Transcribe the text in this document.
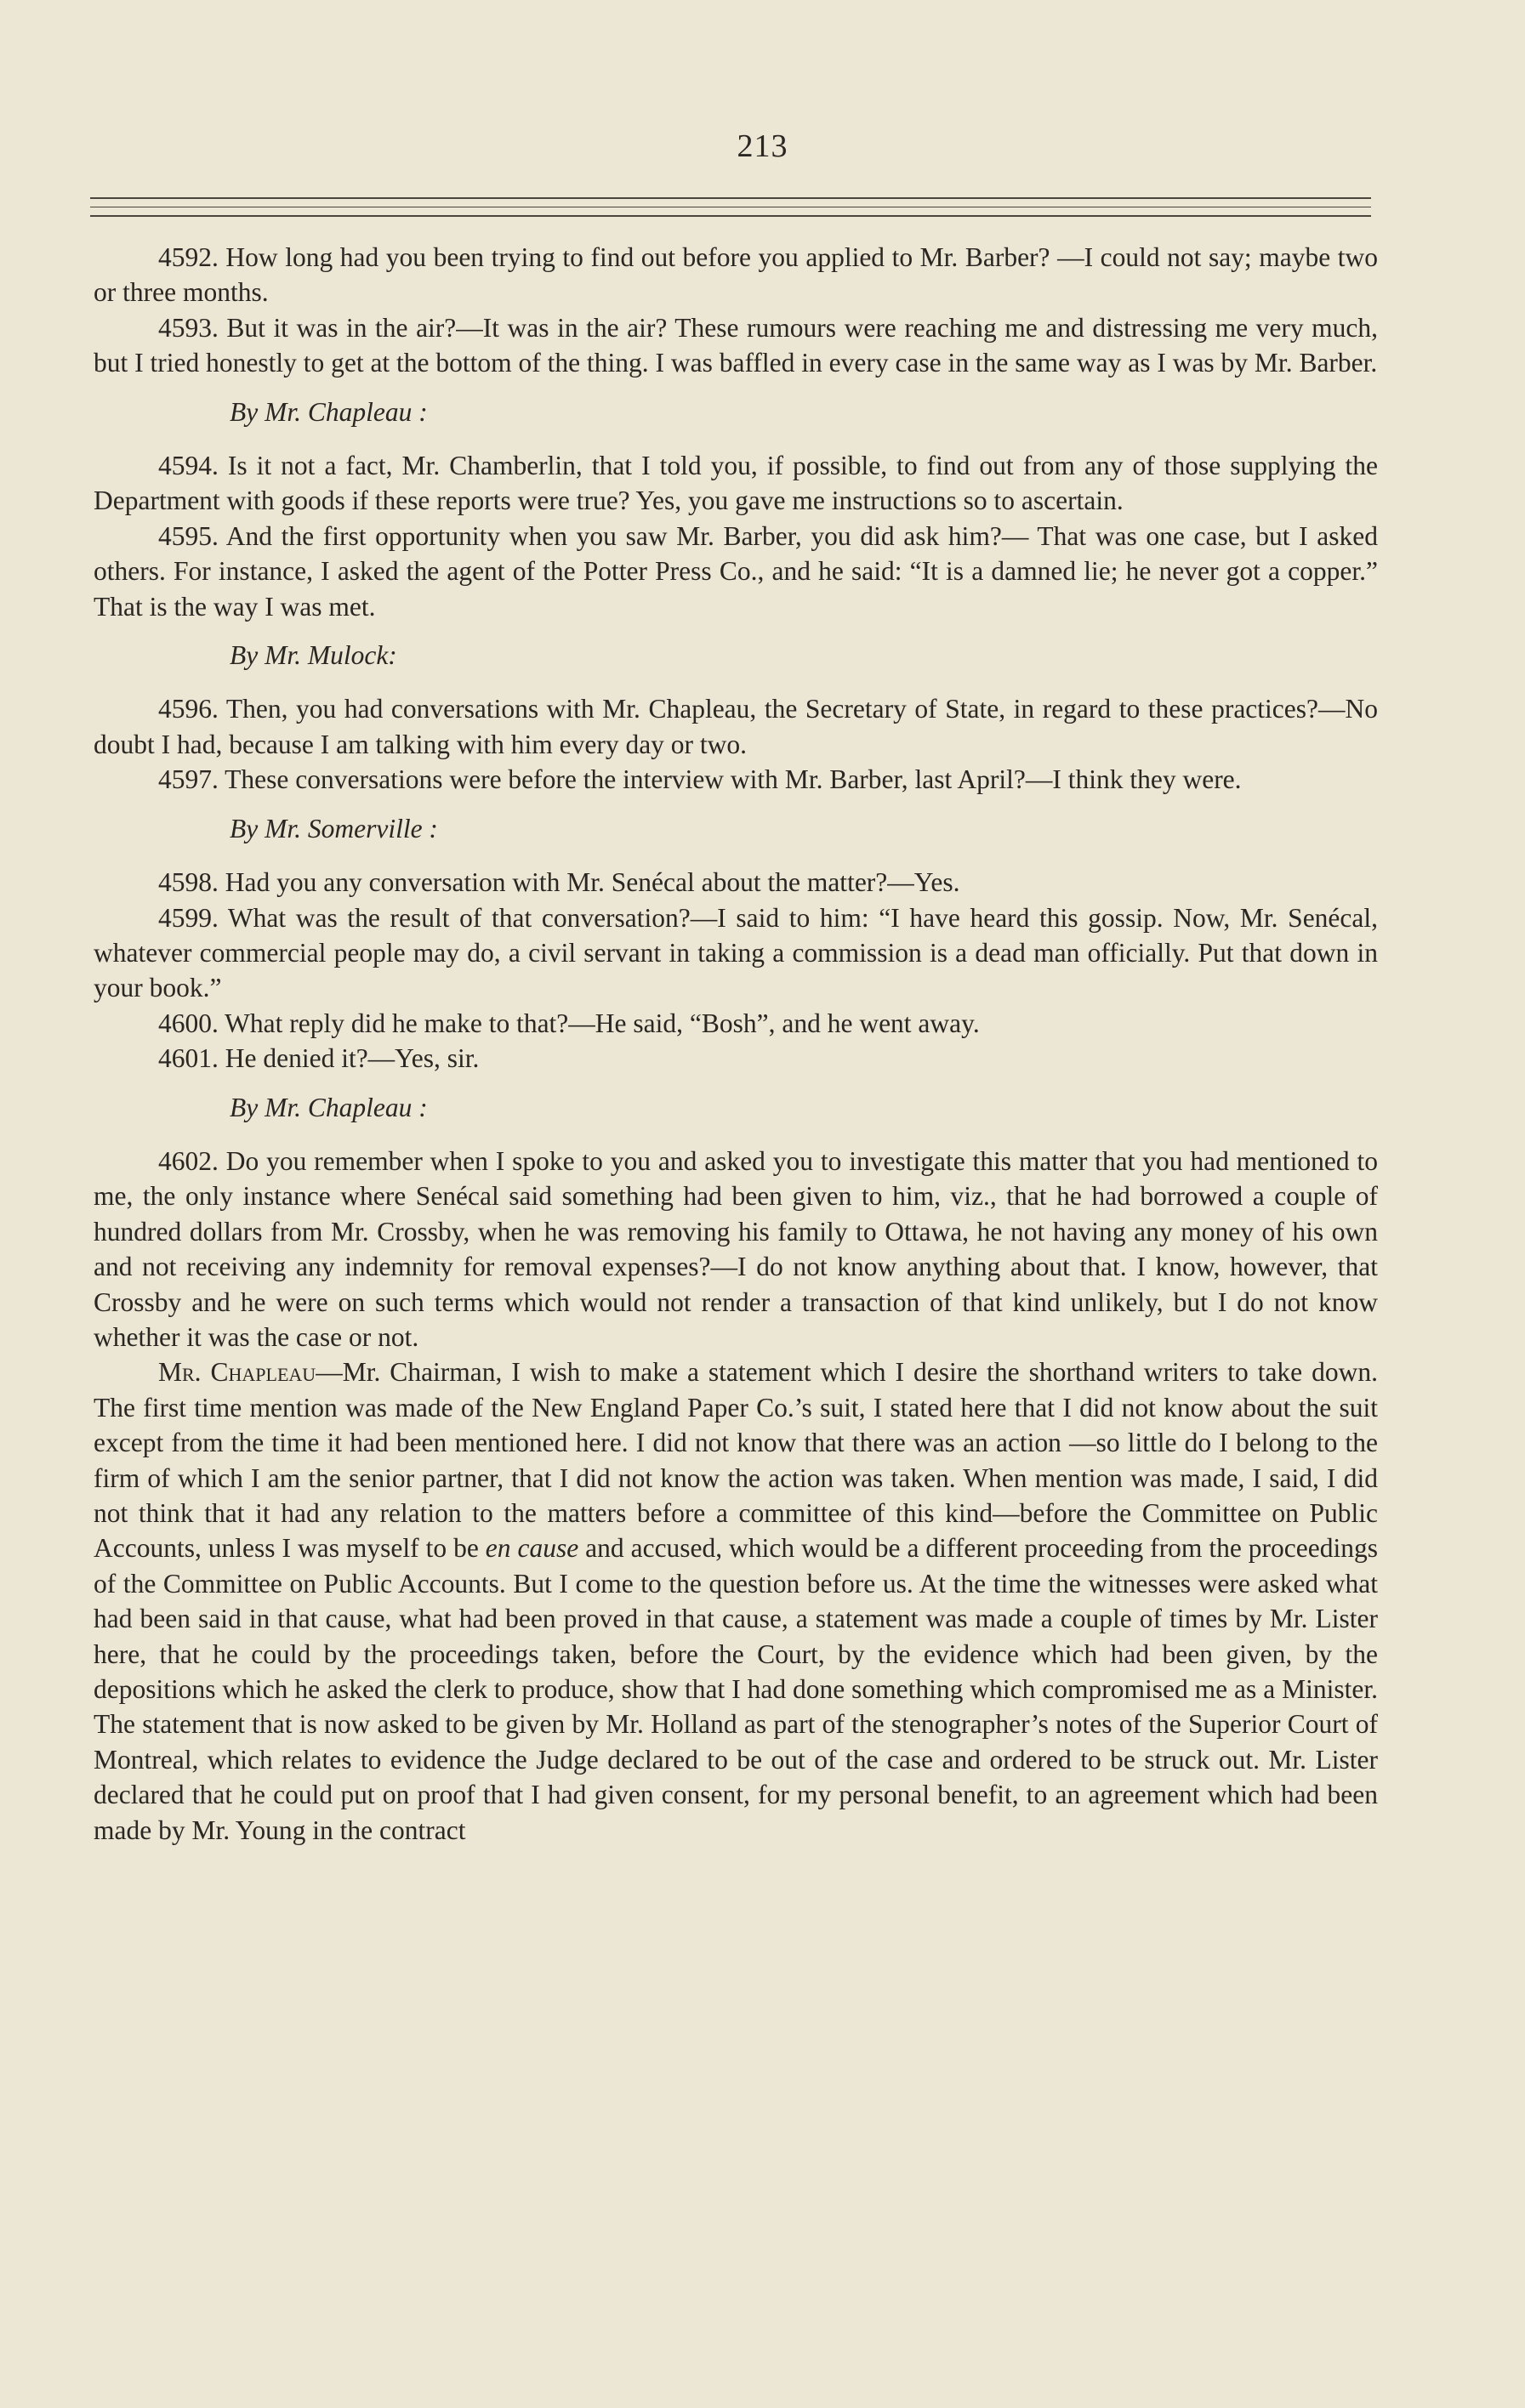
213

4592. How long had you been trying to find out before you applied to Mr. Barber? —I could not say; maybe two or three months.

4593. But it was in the air?—It was in the air? These rumours were reaching me and distressing me very much, but I tried honestly to get at the bottom of the thing. I was baffled in every case in the same way as I was by Mr. Barber.

By Mr. Chapleau :

4594. Is it not a fact, Mr. Chamberlin, that I told you, if possible, to find out from any of those supplying the Department with goods if these reports were true? Yes, you gave me instructions so to ascertain.

4595. And the first opportunity when you saw Mr. Barber, you did ask him?— That was one case, but I asked others. For instance, I asked the agent of the Potter Press Co., and he said: “It is a damned lie; he never got a copper.” That is the way I was met.

By Mr. Mulock:

4596. Then, you had conversations with Mr. Chapleau, the Secretary of State, in regard to these practices?—No doubt I had, because I am talking with him every day or two.

4597. These conversations were before the interview with Mr. Barber, last April?—I think they were.

By Mr. Somerville :

4598. Had you any conversation with Mr. Senécal about the matter?—Yes.

4599. What was the result of that conversation?—I said to him: “I have heard this gossip. Now, Mr. Senécal, whatever commercial people may do, a civil servant in taking a commission is a dead man officially. Put that down in your book.”

4600. What reply did he make to that?—He said, “Bosh”, and he went away.

4601. He denied it?—Yes, sir.

By Mr. Chapleau :

4602. Do you remember when I spoke to you and asked you to investigate this matter that you had mentioned to me, the only instance where Senécal said something had been given to him, viz., that he had borrowed a couple of hundred dollars from Mr. Crossby, when he was removing his family to Ottawa, he not having any money of his own and not receiving any indemnity for removal expenses?—I do not know anything about that. I know, however, that Crossby and he were on such terms which would not render a transaction of that kind unlikely, but I do not know whether it was the case or not.

Mr. Chapleau—Mr. Chairman, I wish to make a statement which I desire the shorthand writers to take down. The first time mention was made of the New England Paper Co.’s suit, I stated here that I did not know about the suit except from the time it had been mentioned here. I did not know that there was an action —so little do I belong to the firm of which I am the senior partner, that I did not know the action was taken. When mention was made, I said, I did not think that it had any relation to the matters before a committee of this kind—before the Committee on Public Accounts, unless I was myself to be en cause and accused, which would be a different proceeding from the proceedings of the Committee on Public Accounts. But I come to the question before us. At the time the witnesses were asked what had been said in that cause, what had been proved in that cause, a statement was made a couple of times by Mr. Lister here, that he could by the proceedings taken, before the Court, by the evidence which had been given, by the depositions which he asked the clerk to produce, show that I had done something which compromised me as a Minister. The statement that is now asked to be given by Mr. Holland as part of the stenographer’s notes of the Superior Court of Montreal, which relates to evidence the Judge declared to be out of the case and ordered to be struck out. Mr. Lister declared that he could put on proof that I had given consent, for my personal benefit, to an agreement which had been made by Mr. Young in the contract
